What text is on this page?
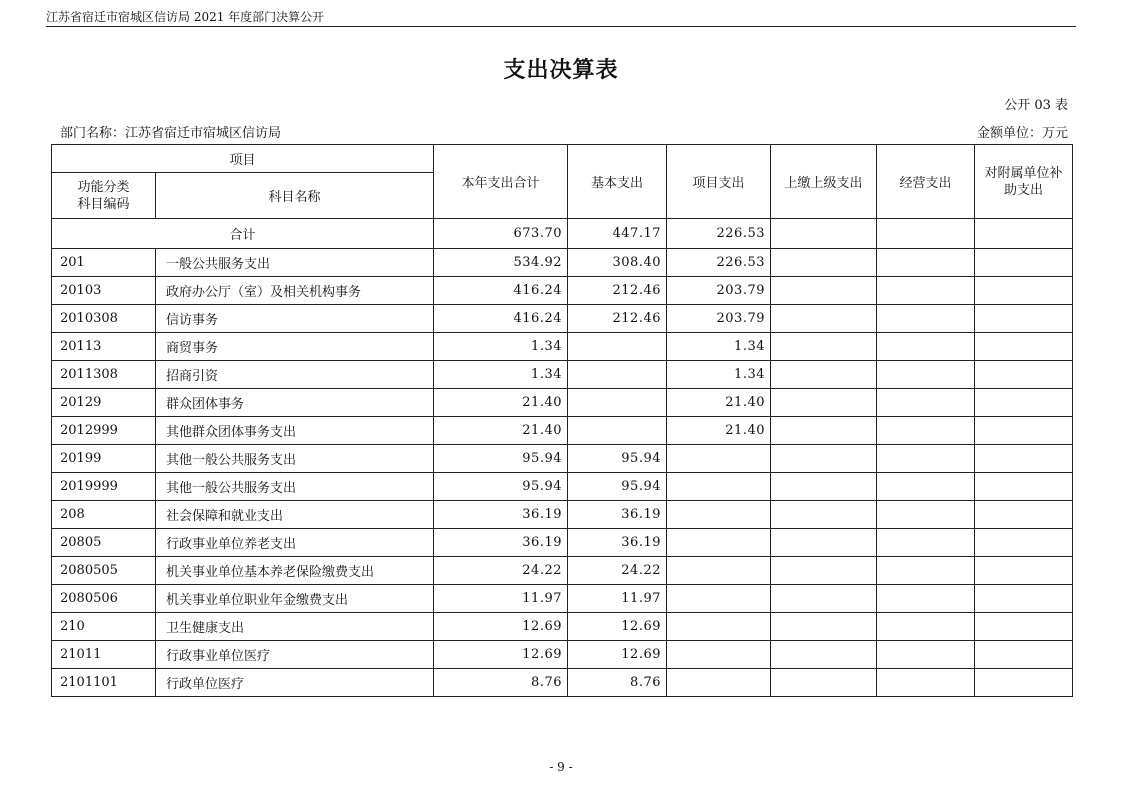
江苏省宿迁市宿城区信访局 2021 年度部门决算公开
支出决算表
公开 03 表
部门名称：江苏省宿迁市宿城区信访局	金额单位：万元
项目		本年支出合计	基本支出	项目支出	上缴上级支出	经营支出	对附属单位补
助支出
功能分类
科目编码	科目名称						
合计		673.70	447.17	226.53			
201	一般公共服务支出	534.92	308.40	226.53			
20103	政府办公厅（室）及相关机构事务	416.24	212.46	203.79			
2010308	信访事务	416.24	212.46	203.79			
20113	商贸事务	1.34		1.34			
2011308	招商引资	1.34		1.34			
20129	群众团体事务	21.40		21.40			
2012999	其他群众团体事务支出	21.40		21.40			
20199	其他一般公共服务支出	95.94	95.94				
2019999	其他一般公共服务支出	95.94	95.94				
208	社会保障和就业支出	36.19	36.19				
20805	行政事业单位养老支出	36.19	36.19				
2080505	机关事业单位基本养老保险缴费支出	24.22	24.22				
2080506	机关事业单位职业年金缴费支出	11.97	11.97				
210	卫生健康支出	12.69	12.69				
21011	行政事业单位医疗	12.69	12.69				
2101101	行政单位医疗	8.76	8.76				
- 9 -
